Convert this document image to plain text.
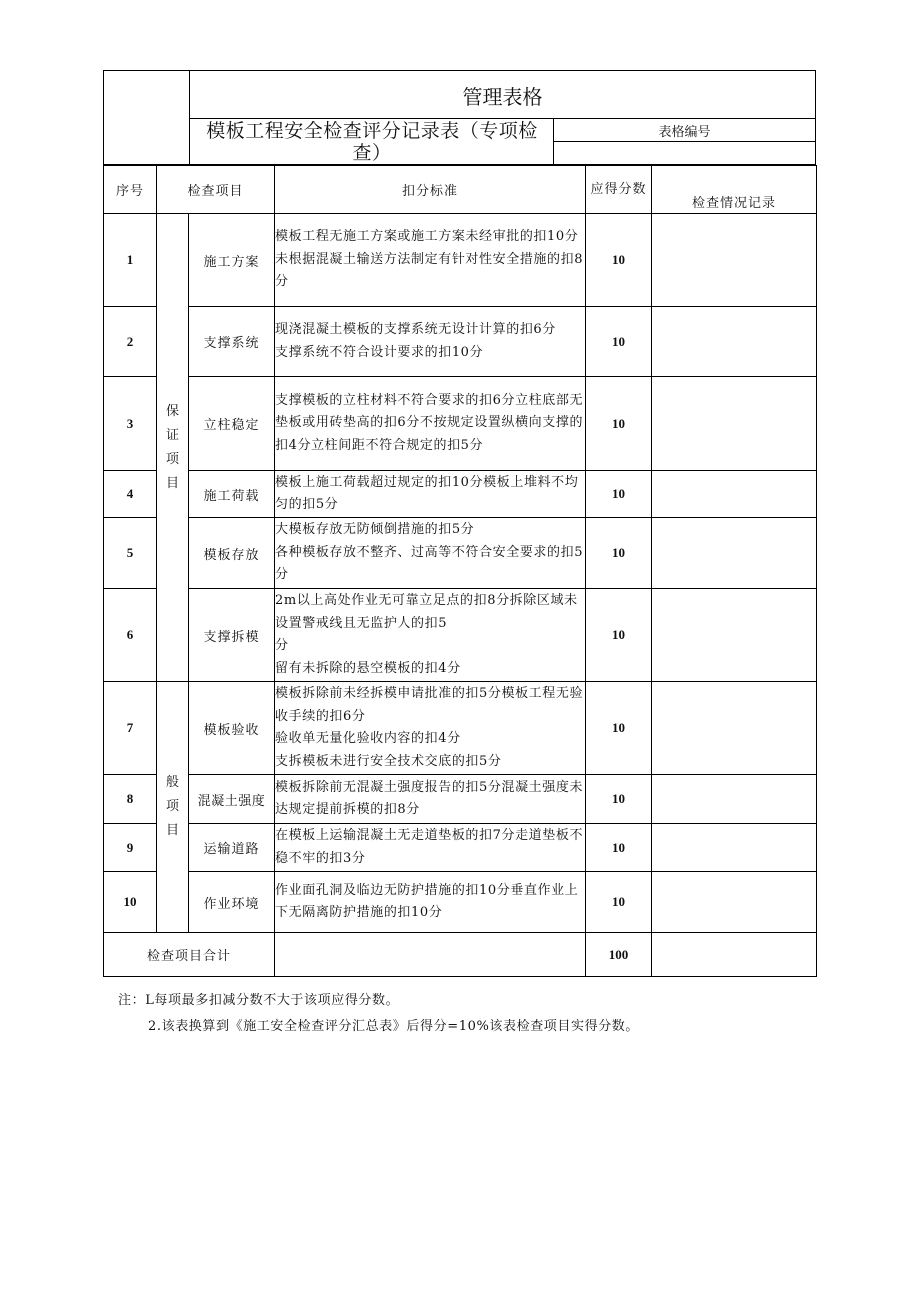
管理表格
模板工程安全检查评分记录表（专项检查）
表格编号
序号	检查项目		扣分标准	应得分数	检查情况记录
1	保证项目	施工方案	模板工程无施工方案或施工方案未经审批的扣10分
未根据混凝土输送方法制定有针对性安全措施的扣8分	10	
2		支撑系统	现浇混凝土模板的支撑系统无设计计算的扣6分
支撑系统不符合设计要求的扣10分	10	
3		立柱稳定	支撑模板的立柱材料不符合要求的扣6分立柱底部无垫板或用砖垫高的扣6分不按规定设置纵横向支撑的扣4分立柱间距不符合规定的扣5分	10	
4		施工荷载	模板上施工荷载超过规定的扣10分模板上堆料不均匀的扣5分	10	
5		模板存放	大模板存放无防倾倒措施的扣5分
各种模板存放不整齐、过高等不符合安全要求的扣5分	10	
6		支撑拆模	2m以上高处作业无可靠立足点的扣8分拆除区域未设置警戒线且无监护人的扣5
分
留有未拆除的悬空模板的扣4分	10	
7	般项目	模板验收	模板拆除前未经拆模申请批准的扣5分模板工程无验收手续的扣6分
验收单无量化验收内容的扣4分
支拆模板未进行安全技术交底的扣5分	10	
8		混凝土强度	模板拆除前无混凝土强度报告的扣5分混凝土强度未达规定提前拆模的扣8分	10	
9		运输道路	在模板上运输混凝土无走道垫板的扣7分走道垫板不稳不牢的扣3分	10	
10		作业环境	作业面孔洞及临边无防护措施的扣10分垂直作业上下无隔离防护措施的扣10分	10	
检查项目合计				100	
注：L每项最多扣减分数不大于该项应得分数。
2.该表换算到《施工安全检查评分汇总表》后得分=10%该表检查项目实得分数。
